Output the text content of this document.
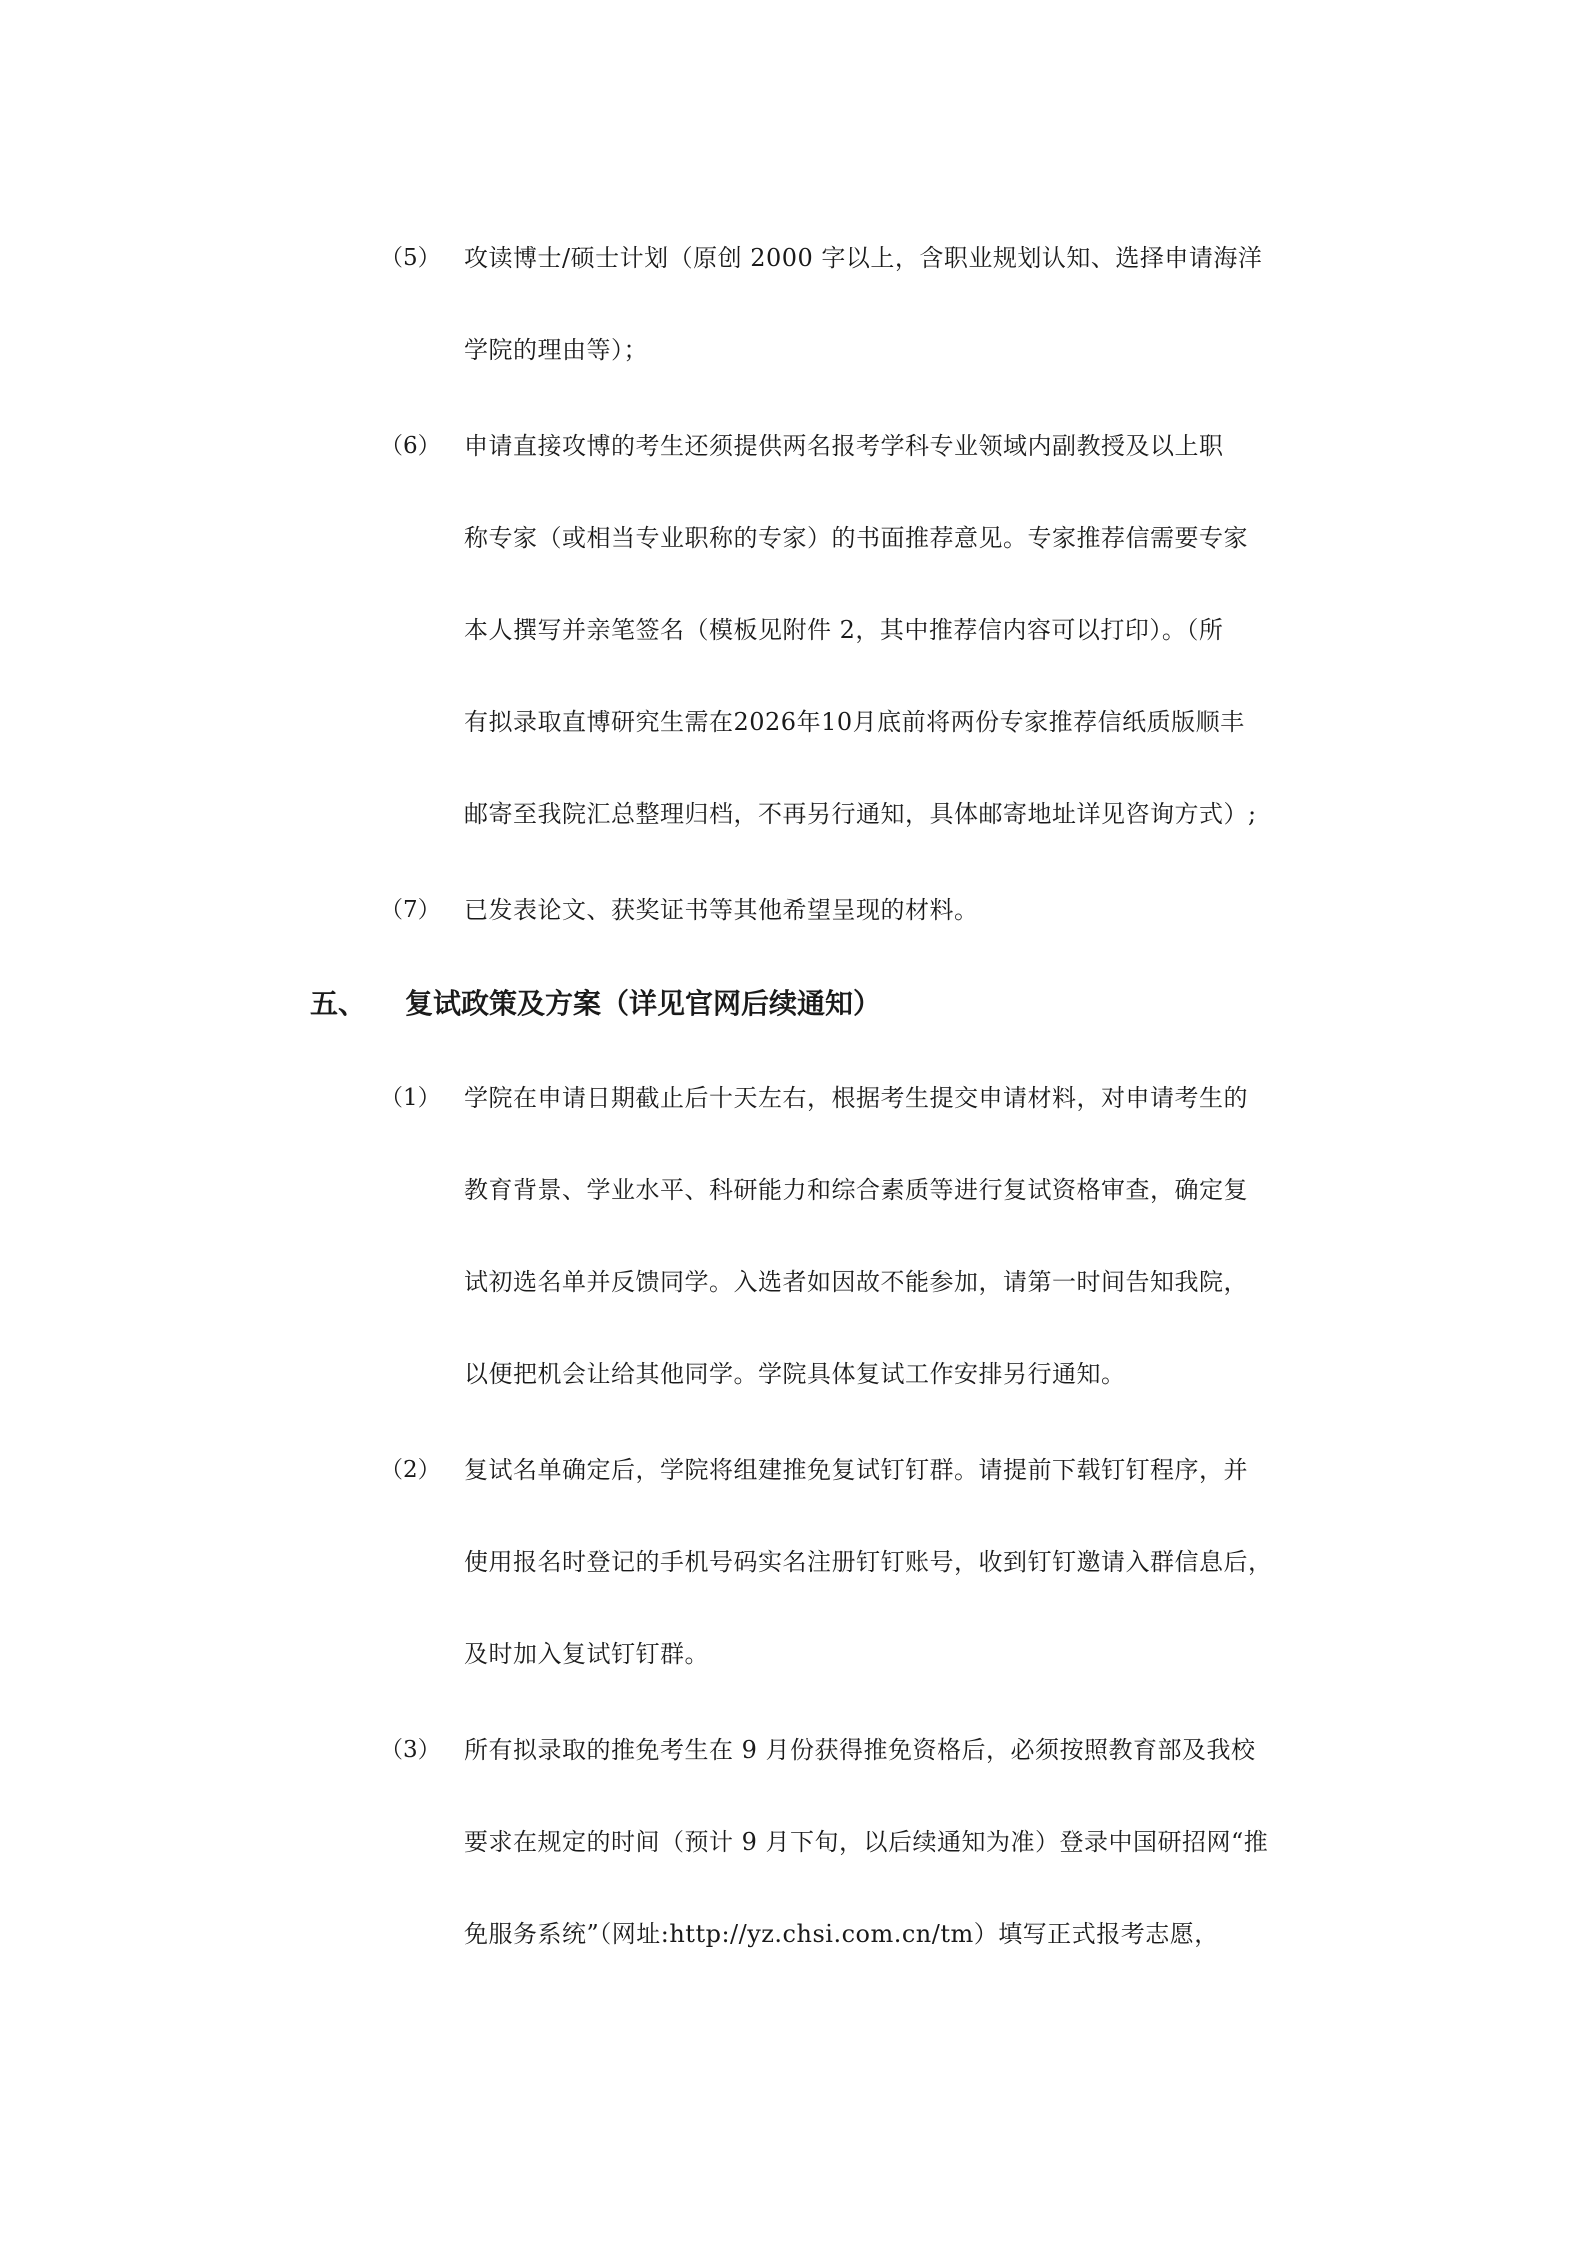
（5） 攻读博士/硕士计划（原创 2000 字以上，含职业规划认知、选择申请海洋
学院的理由等）；
（6） 申请直接攻博的考生还须提供两名报考学科专业领域内副教授及以上职
称专家（或相当专业职称的专家）的书面推荐意见。专家推荐信需要专家
本人撰写并亲笔签名（模板见附件 2，其中推荐信内容可以打印）。（所
有拟录取直博研究生需在2026年10月底前将两份专家推荐信纸质版顺丰
邮寄至我院汇总整理归档，不再另行通知，具体邮寄地址详见咨询方式）;
（7） 已发表论文、获奖证书等其他希望呈现的材料。
五、 复试政策及方案（详见官网后续通知）
（1） 学院在申请日期截止后十天左右，根据考生提交申请材料，对申请考生的
教育背景、学业水平、科研能力和综合素质等进行复试资格审查，确定复
试初选名单并反馈同学。入选者如因故不能参加，请第一时间告知我院，
以便把机会让给其他同学。学院具体复试工作安排另行通知。
（2） 复试名单确定后，学院将组建推免复试钉钉群。请提前下载钉钉程序，并
使用报名时登记的手机号码实名注册钉钉账号，收到钉钉邀请入群信息后，
及时加入复试钉钉群。
（3） 所有拟录取的推免考生在 9 月份获得推免资格后，必须按照教育部及我校
要求在规定的时间（预计 9 月下旬，以后续通知为准）登录中国研招网“推
免服务系统”（网址:http://yz.chsi.com.cn/tm）填写正式报考志愿，
